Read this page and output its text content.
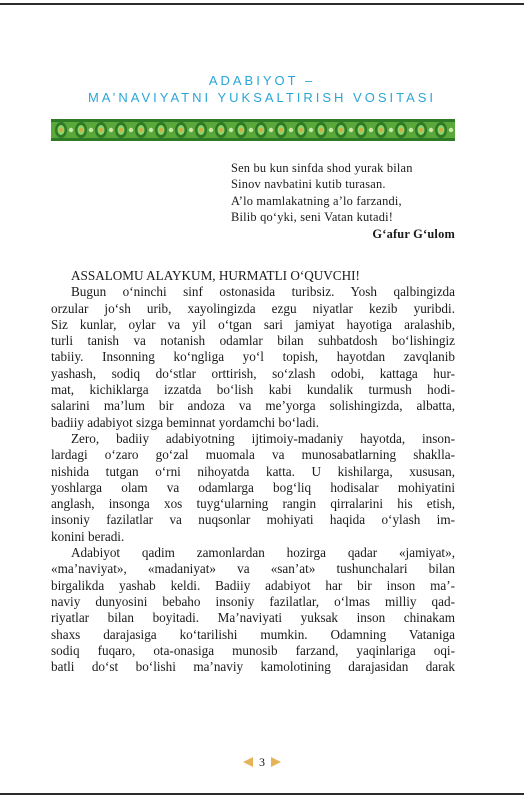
ADABIYOT –
MA’NAVIYATNI YUKSALTIRISH VOSITASI
Sen bu kun sinfda shod yurak bilan
Sinov navbatini kutib turasan.
A’lo mamlakatning a’lo farzandi,
Bilib qo‘yki, seni Vatan kutadi!
G‘afur G‘ulom
ASSALOMU ALAYKUM, HURMATLI O‘QUVCHI!
Bugun o‘ninchi sinf ostonasida turibsiz. Yosh qalbingizda
orzular jo‘sh urib, xayolingizda ezgu niyatlar kezib yuribdi.
Siz kunlar, oylar va yil o‘tgan sari jamiyat hayotiga aralashib,
turli tanish va notanish odamlar bilan suhbatdosh bo‘lishingiz
tabiiy. Insonning ko‘ngliga yo‘l topish, hayotdan zavqlanib
yashash, sodiq do‘stlar orttirish, so‘zlash odobi, kattaga hur-
mat, kichiklarga izzatda bo‘lish kabi kundalik turmush hodi-
salarini ma’lum bir andoza va me’yorga solishingizda, albatta,
badiiy adabiyot sizga beminnat yordamchi bo‘ladi.
Zero, badiiy adabiyotning ijtimoiy-madaniy hayotda, inson-
lardagi o‘zaro go‘zal muomala va munosabatlarning shaklla-
nishida tutgan o‘rni nihoyatda katta. U kishilarga, xususan,
yoshlarga olam va odamlarga bog‘liq hodisalar mohiyatini
anglash, insonga xos tuyg‘ularning rangin qirralarini his etish,
insoniy fazilatlar va nuqsonlar mohiyati haqida o‘ylash im-
konini beradi.
Adabiyot qadim zamonlardan hozirga qadar «jamiyat»,
«ma’naviyat», «madaniyat» va «san’at» tushunchalari bilan
birgalikda yashab keldi. Badiiy adabiyot har bir inson ma’-
naviy dunyosini bebaho insoniy fazilatlar, o‘lmas milliy qad-
riyatlar bilan boyitadi. Ma’naviyati yuksak inson chinakam
shaxs darajasiga ko‘tarilishi mumkin. Odamning Vataniga
sodiq fuqaro, ota-onasiga munosib farzand, yaqinlariga oqi-
batli do‘st bo‘lishi ma’naviy kamolotining darajasidan darak
3
